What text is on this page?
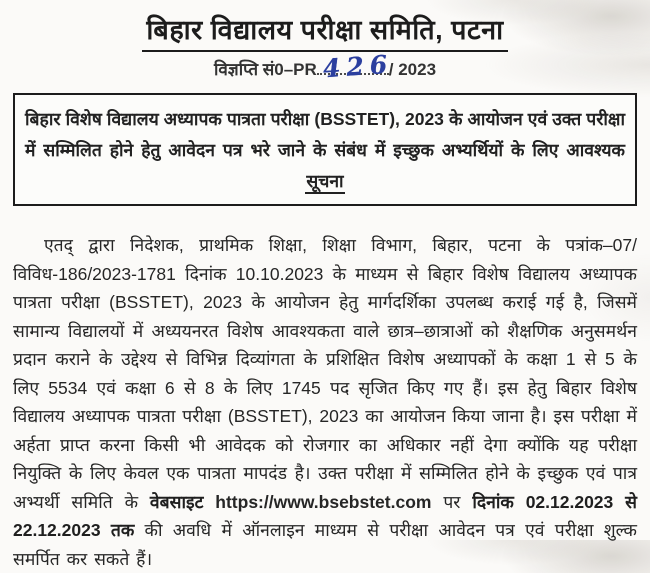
बिहार विद्यालय परीक्षा समिति, पटना
विज्ञप्ति सं0–PR 426
/ 2023
बिहार विशेष विद्यालय अध्यापक पात्रता परीक्षा (BSSTET), 2023 के आयोजन एवं उक्त परीक्षा में सम्मिलित होने हेतु आवेदन पत्र भरे जाने के संबंध में इच्छुक अभ्यर्थियों के लिए आवश्यक
सूचना

एतद् द्वारा निदेशक, प्राथमिक शिक्षा, शिक्षा विभाग, बिहार, पटना के पत्रांक–07/विविध-186/2023-1781 दिनांक 10.10.2023 के माध्यम से बिहार विशेष विद्यालय अध्यापक पात्रता परीक्षा (BSSTET), 2023 के आयोजन हेतु मार्गदर्शिका उपलब्ध कराई गई है, जिसमें सामान्य विद्यालयों में अध्ययनरत विशेष आवश्यकता वाले छात्र–छात्राओं को शैक्षणिक अनुसमर्थन प्रदान कराने के उद्देश्य से विभिन्न दिव्यांगता के प्रशिक्षित विशेष अध्यापकों के कक्षा 1 से 5 के लिए 5534 एवं कक्षा 6 से 8 के लिए 1745 पद सृजित किए गए हैं। इस हेतु बिहार विशेष विद्यालय अध्यापक पात्रता परीक्षा (BSSTET), 2023 का आयोजन किया जाना है। इस परीक्षा में अर्हता प्राप्त करना किसी भी आवेदक को रोजगार का अधिकार नहीं देगा क्योंकि यह परीक्षा नियुक्ति के लिए केवल एक पात्रता मापदंड है। उक्त परीक्षा में सम्मिलित होने के इच्छुक एवं पात्र अभ्यर्थी समिति के वेबसाइट https://www.bsebstet.com पर दिनांक 02.12.2023 से 22.12.2023 तक की अवधि में ऑनलाइन माध्यम से परीक्षा आवेदन पत्र एवं परीक्षा शुल्क समर्पित कर सकते हैं।
